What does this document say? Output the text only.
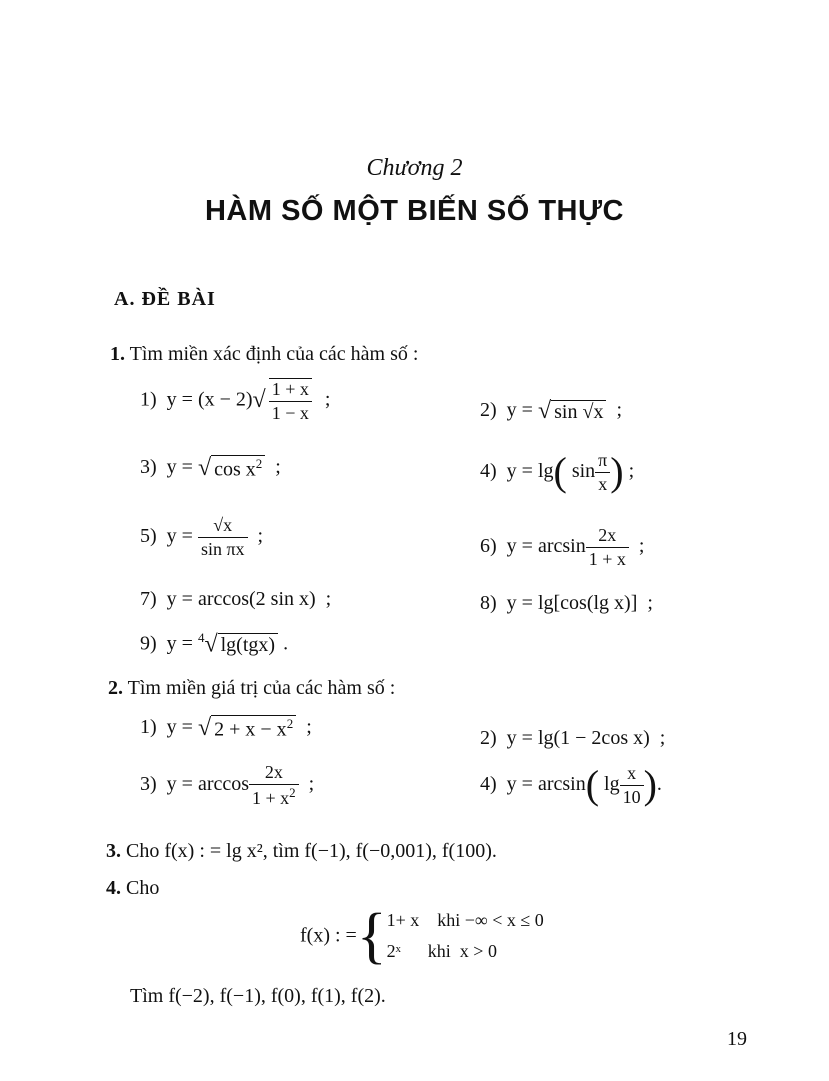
Chương 2
HÀM SỐ MỘT BIẾN SỐ THỰC
A. ĐỀ BÀI
1. Tìm miền xác định của các hàm số :
1)  $y = (x - 2)√ \frac{1 + x}{1 - x}$ ;	2)  y = √ sin √x  ;
3)  y = √ $\cos x^2$  ;	4)  y = lg( $\sin \frac{\pi}{x}$ ) ;
5)  $y = \frac{√x}{\text{sin πx}}$ ;	6)  $y = \arcsin \frac{2x}{1 + x}$ ;
7)  y = arccos(2 sin x)  ;	8)  y = lg[cos(lg x)]  ;
9)  y = $^4$√ lg(tgx) .
2. Tìm miền giá trị của các hàm số :
1)  y = √ $2 + x - x^2$  ;	2)  y = lg(1 − 2cos x)  ;
3)  $y = \arccos \frac{2x}{1 + x^2}$ ;	4)  y = arcsin( $\lg \frac{x}{10}$ ).
3. Cho f(x) : = lg x², tìm f(−1), f(−0,001), f(100).
4. Cho
f(x) : ={ 1+ x    khi −∞ < x ≤ 0
2ˣ      khi  x > 0
Tìm f(−2), f(−1), f(0), f(1), f(2).
19
